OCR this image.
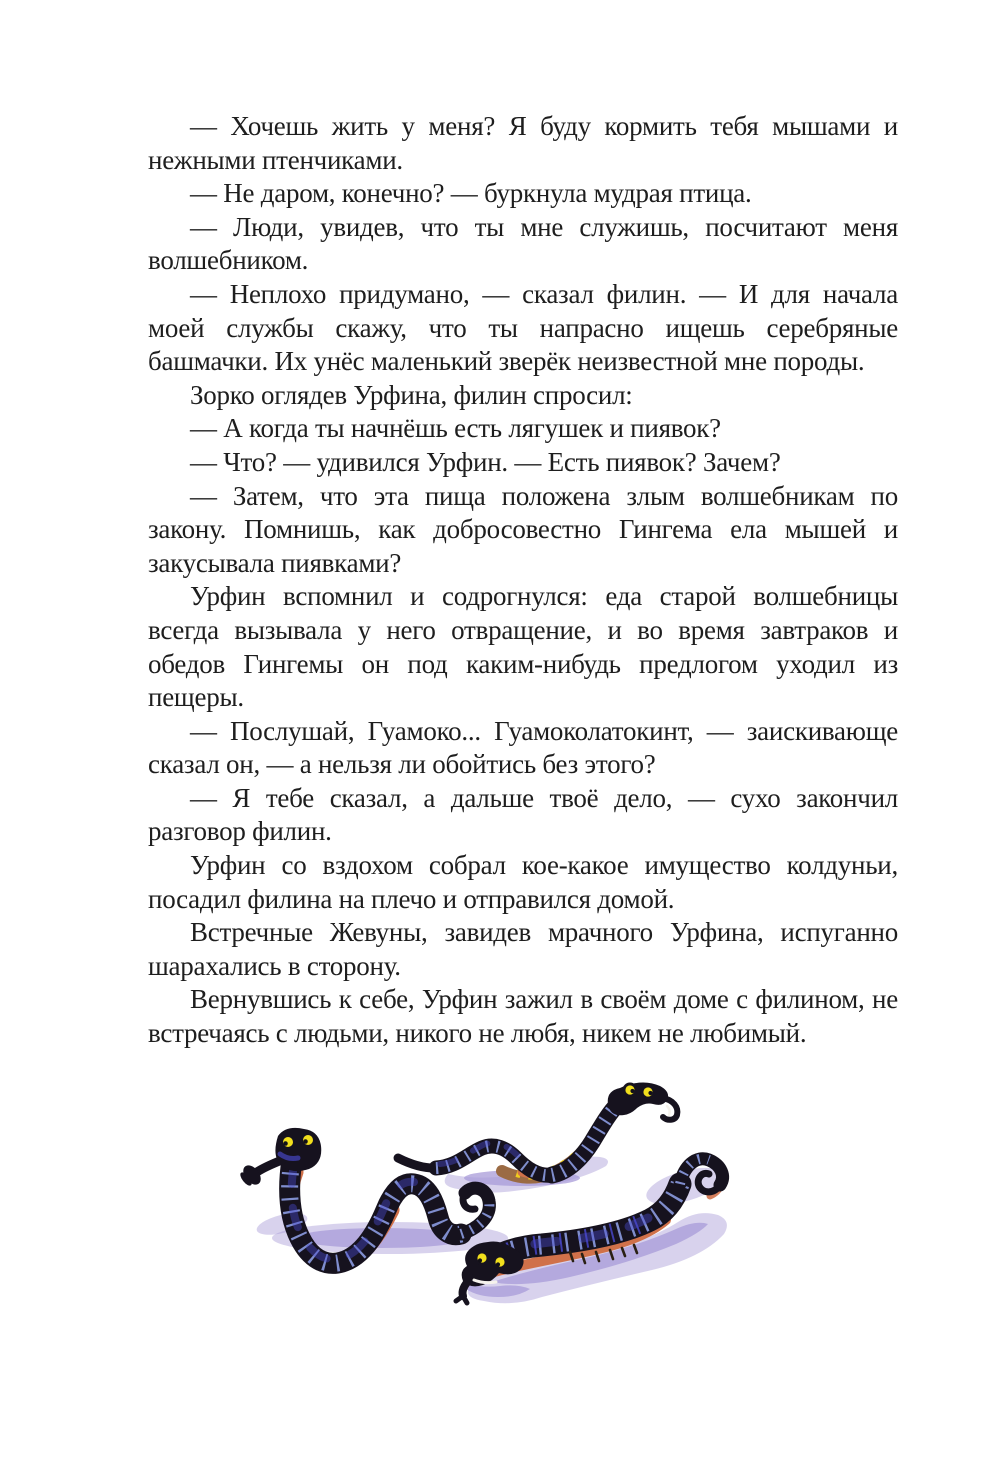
— Хочешь жить у меня? Я буду кормить тебя мышами и нежными птенчиками.

— Не даром, конечно? — буркнула мудрая птица.

— Люди, увидев, что ты мне служишь, посчитают меня волшебником.

— Неплохо придумано, — сказал филин. — И для начала моей службы скажу, что ты напрасно ищешь серебряные башмачки. Их унёс маленький зверёк неизвестной мне породы.

Зорко оглядев Урфина, филин спросил:

— А когда ты начнёшь есть лягушек и пиявок?

— Что? — удивился Урфин. — Есть пиявок? Зачем?

— Затем, что эта пища положена злым волшебникам по закону. Помнишь, как добросовестно Гингема ела мышей и закусывала пиявками?

Урфин вспомнил и содрогнулся: еда старой волшебницы всегда вызывала у него отвращение, и во время завтраков и обедов Гингемы он под каким-нибудь предлогом уходил из пещеры.

— Послушай, Гуамоко... Гуамоколатокинт, — заискивающе сказал он, — а нельзя ли обойтись без этого?

— Я тебе сказал, а дальше твоё дело, — сухо закончил разговор филин.

Урфин со вздохом собрал кое-какое имущество колдуньи, посадил филина на плечо и отправился домой.

Встречные Жевуны, завидев мрачного Урфина, испуганно шарахались в сторону.

Вернувшись к себе, Урфин зажил в своём доме с филином, не встречаясь с людьми, никого не любя, никем не любимый.
